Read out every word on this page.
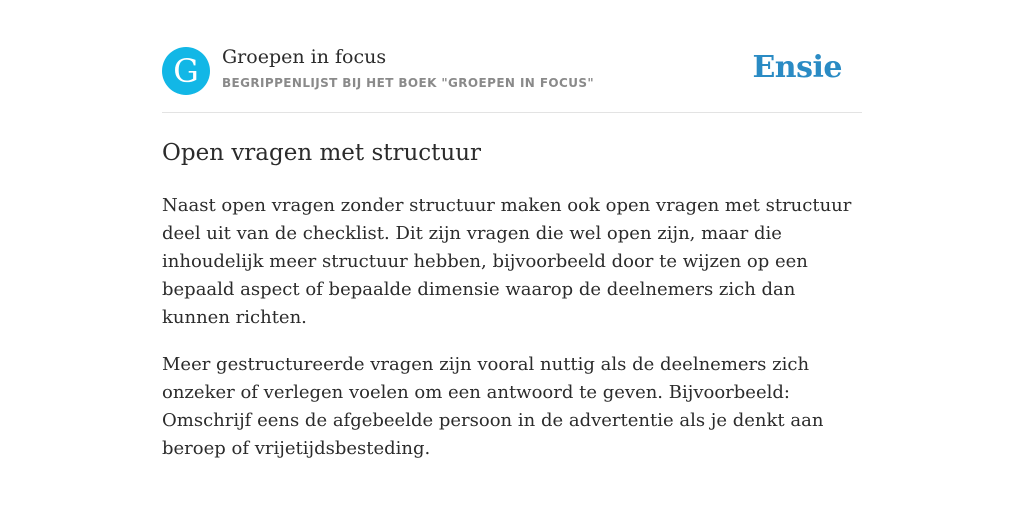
G	Groepen in focus
BEGRIPPENLIJST BIJ HET BOEK "GROEPEN IN FOCUS"	Ensie
Open vragen met structuur

Naast open vragen zonder structuur maken ook open vragen met structuur deel uit van de checklist. Dit zijn vragen die wel open zijn, maar die inhoudelijk meer structuur hebben, bijvoorbeeld door te wijzen op een bepaald aspect of bepaalde dimensie waarop de deelnemers zich dan kunnen richten.

Meer gestructureerde vragen zijn vooral nuttig als de deelnemers zich onzeker of verlegen voelen om een antwoord te geven. Bijvoorbeeld: Omschrijf eens de afgebeelde persoon in de advertentie als je denkt aan beroep of vrijetijdsbesteding.
